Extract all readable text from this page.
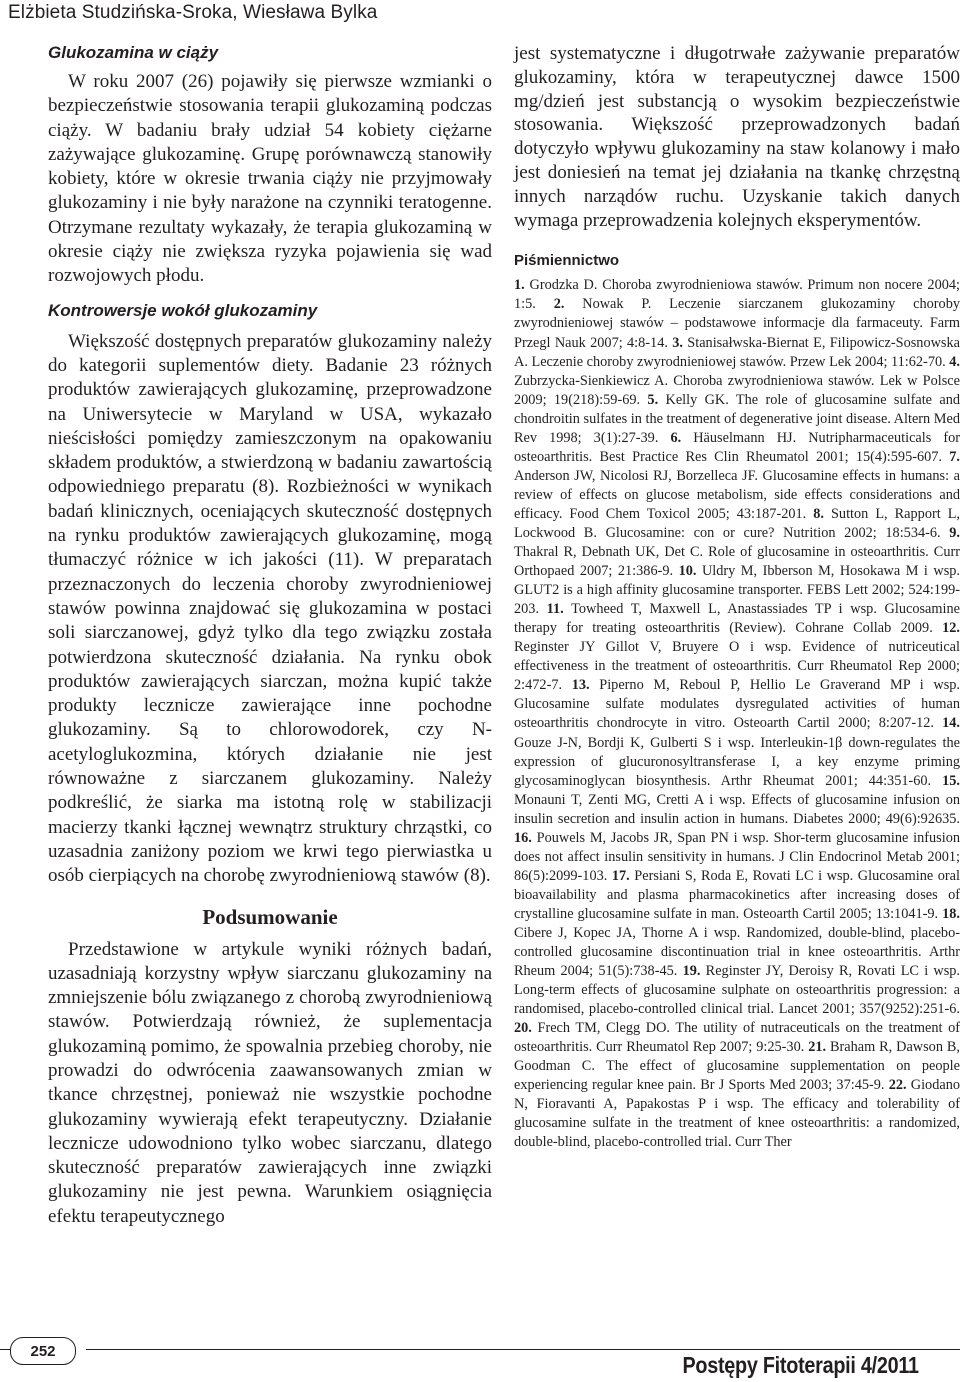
Elżbieta Studzińska-Sroka, Wiesława Bylka
Glukozamina w ciąży

W roku 2007 (26) pojawiły się pierwsze wzmianki o bezpieczeństwie stosowania terapii glukozaminą podczas ciąży. W badaniu brały udział 54 kobiety ciężarne zażywające glukozaminę. Grupę porównawczą stanowiły kobiety, które w okresie trwania ciąży nie przyjmowały glukozaminy i nie były narażone na czynniki teratogenne. Otrzymane rezultaty wykazały, że terapia glukozaminą w okresie ciąży nie zwiększa ryzyka pojawienia się wad rozwojowych płodu.

Kontrowersje wokół glukozaminy

Większość dostępnych preparatów glukozaminy należy do kategorii suplementów diety. Badanie 23 różnych produktów zawierających glukozaminę, przeprowadzone na Uniwersytecie w Maryland w USA, wykazało nieścisłości pomiędzy zamieszczonym na opakowaniu składem produktów, a stwierdzoną w badaniu zawartością odpowiedniego preparatu (8). Rozbieżności w wynikach badań klinicznych, oceniających skuteczność dostępnych na rynku produktów zawierających glukozaminę, mogą tłumaczyć różnice w ich jakości (11). W preparatach przeznaczonych do leczenia choroby zwyrodnieniowej stawów powinna znajdować się glukozamina w postaci soli siarczanowej, gdyż tylko dla tego związku została potwierdzona skuteczność działania. Na rynku obok produktów zawierających siarczan, można kupić także produkty lecznicze zawierające inne pochodne glukozaminy. Są to chlorowodorek, czy N-acetyloglukozmina, których działanie nie jest równoważne z siarczanem glukozaminy. Należy podkreślić, że siarka ma istotną rolę w stabilizacji macierzy tkanki łącznej wewnątrz struktury chrząstki, co uzasadnia zaniżony poziom we krwi tego pierwiastka u osób cierpiących na chorobę zwyrodnieniową stawów (8).

Podsumowanie

Przedstawione w artykule wyniki różnych badań, uzasadniają korzystny wpływ siarczanu glukozaminy na zmniejszenie bólu związanego z chorobą zwyrodnieniową stawów. Potwierdzają również, że suplementacja glukozaminą pomimo, że spowalnia przebieg choroby, nie prowadzi do odwrócenia zaawansowanych zmian w tkance chrzęstnej, ponieważ nie wszystkie pochodne glukozaminy wywierają efekt terapeutyczny. Działanie lecznicze udowodniono tylko wobec siarczanu, dlatego skuteczność preparatów zawierających inne związki glukozaminy nie jest pewna. Warunkiem osiągnięcia efektu terapeutycznego

jest systematyczne i długotrwałe zażywanie preparatów glukozaminy, która w terapeutycznej dawce 1500 mg/dzień jest substancją o wysokim bezpieczeństwie stosowania. Większość przeprowadzonych badań dotyczyło wpływu glukozaminy na staw kolanowy i mało jest doniesień na temat jej działania na tkankę chrzęstną innych narządów ruchu. Uzyskanie takich danych wymaga przeprowadzenia kolejnych eksperymentów.

Piśmiennictwo

1. Grodzka D. Choroba zwyrodnieniowa stawów. Primum non nocere 2004; 1:5. 2. Nowak P. Leczenie siarczanem glukozaminy choroby zwyrodnieniowej stawów – podstawowe informacje dla farmaceuty. Farm Przegl Nauk 2007; 4:8-14. 3. Stanisałwska-Biernat E, Filipowicz-Sosnowska A. Leczenie choroby zwyrodnieniowej stawów. Przew Lek 2004; 11:62-70. 4. Zubrzycka-Sienkiewicz A. Choroba zwyrodnieniowa stawów. Lek w Polsce 2009; 19(218):59-69. 5. Kelly GK. The role of glucosamine sulfate and chondroitin sulfates in the treatment of degenerative joint disease. Altern Med Rev 1998; 3(1):27-39. 6. Häuselmann HJ. Nutripharmaceuticals for osteoarthritis. Best Practice Res Clin Rheumatol 2001; 15(4):595-607. 7. Anderson JW, Nicolosi RJ, Borzelleca JF. Glucosamine effects in humans: a review of effects on glucose metabolism, side effects considerations and efficacy. Food Chem Toxicol 2005; 43:187-201. 8. Sutton L, Rapport L, Lockwood B. Glucosamine: con or cure? Nutrition 2002; 18:534-6. 9. Thakral R, Debnath UK, Det C. Role of glucosamine in osteoarthritis. Curr Orthopaed 2007; 21:386-9. 10. Uldry M, Ibberson M, Hosokawa M i wsp. GLUT2 is a high affinity glucosamine transporter. FEBS Lett 2002; 524:199-203. 11. Towheed T, Maxwell L, Anastassiades TP i wsp. Glucosamine therapy for treating osteoarthritis (Review). Cohrane Collab 2009. 12. Reginster JY Gillot V, Bruyere O i wsp. Evidence of nutriceutical effectiveness in the treatment of osteoarthritis. Curr Rheumatol Rep 2000; 2:472-7. 13. Piperno M, Reboul P, Hellio Le Graverand MP i wsp. Glucosamine sulfate modulates dysregulated activities of human osteoarthritis chondrocyte in vitro. Osteoarth Cartil 2000; 8:207-12. 14. Gouze J-N, Bordji K, Gulberti S i wsp. Interleukin-1β down-regulates the expression of glucuronosyltransferase I, a key enzyme priming glycosaminoglycan biosynthesis. Arthr Rheumat 2001; 44:351-60. 15. Monauni T, Zenti MG, Cretti A i wsp. Effects of glucosamine infusion on insulin secretion and insulin action in humans. Diabetes 2000; 49(6):92635. 16. Pouwels M, Jacobs JR, Span PN i wsp. Shor-term glucosamine infusion does not affect insulin sensitivity in humans. J Clin Endocrinol Metab 2001; 86(5):2099-103. 17. Persiani S, Roda E, Rovati LC i wsp. Glucosamine oral bioavailability and plasma pharmacokinetics after increasing doses of crystalline glucosamine sulfate in man. Osteoarth Cartil 2005; 13:1041-9. 18. Cibere J, Kopec JA, Thorne A i wsp. Randomized, double-blind, placebo-controlled glucosamine discontinuation trial in knee osteoarthritis. Arthr Rheum 2004; 51(5):738-45. 19. Reginster JY, Deroisy R, Rovati LC i wsp. Long-term effects of glucosamine sulphate on osteoarthritis progression: a randomised, placebo-controlled clinical trial. Lancet 2001; 357(9252):251-6. 20. Frech TM, Clegg DO. The utility of nutraceuticals on the treatment of osteoarthritis. Curr Rheumatol Rep 2007; 9:25-30. 21. Braham R, Dawson B, Goodman C. The effect of glucosamine supplementation on people experiencing regular knee pain. Br J Sports Med 2003; 37:45-9. 22. Giodano N, Fioravanti A, Papakostas P i wsp. The efficacy and tolerability of glucosamine sulfate in the treatment of knee osteoarthritis: a randomized, double-blind, placebo-controlled trial. Curr Ther

252
Postępy Fitoterapii 4/2011
